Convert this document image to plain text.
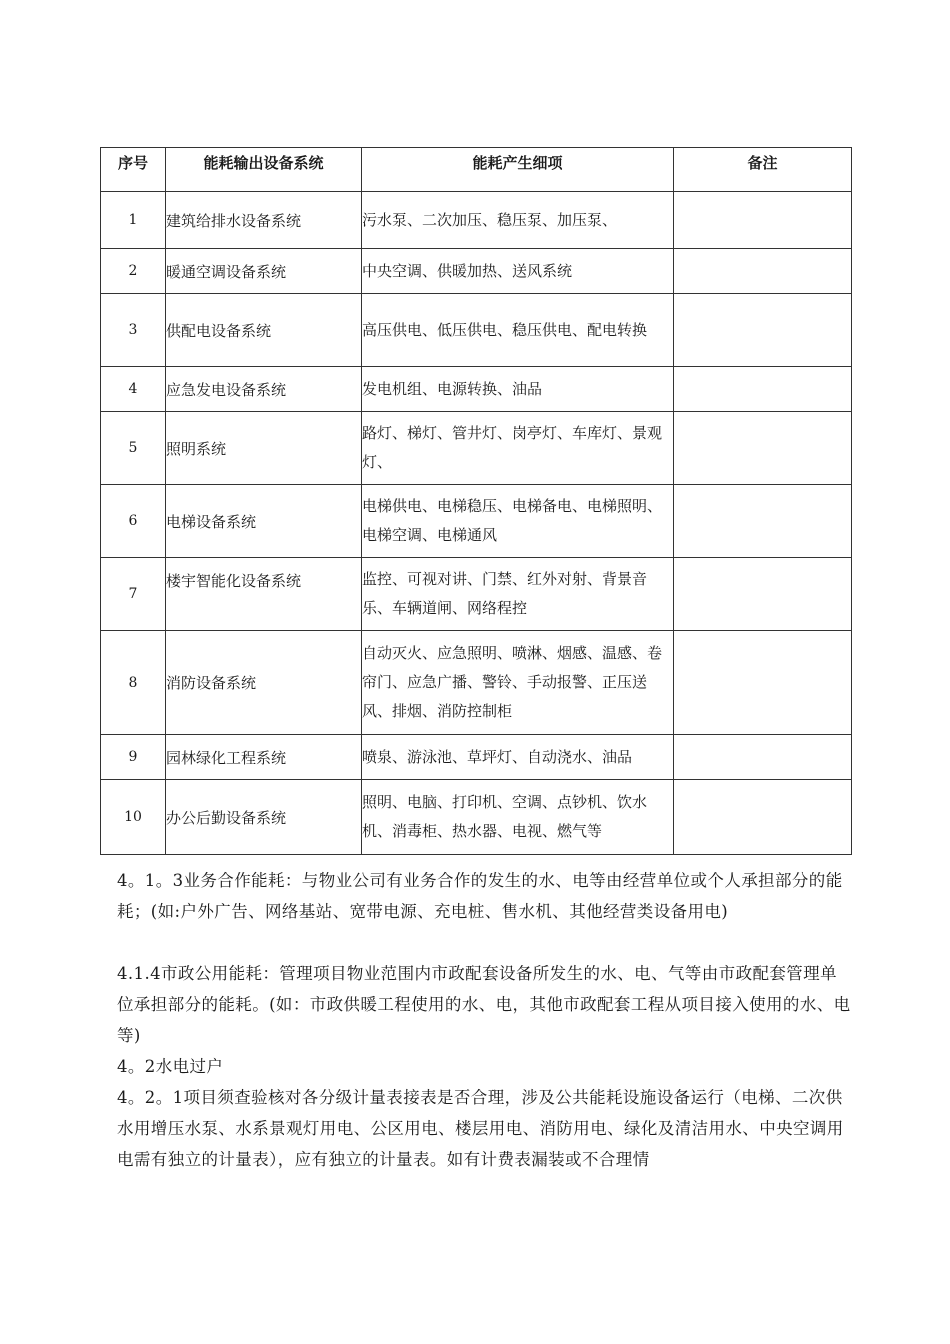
序号	能耗输出设备系统	能耗产生细项	备注
1	建筑给排水设备系统	污水泵、二次加压、稳压泵、加压泵、	
2	暖通空调设备系统	中央空调、供暖加热、送风系统	
3	供配电设备系统	高压供电、低压供电、稳压供电、配电转换	
4	应急发电设备系统	发电机组、电源转换、油品	
5	照明系统	路灯、梯灯、管井灯、岗亭灯、车库灯、景观灯、	
6	电梯设备系统	电梯供电、电梯稳压、电梯备电、电梯照明、电梯空调、电梯通风	
7	楼宇智能化设备系统	监控、可视对讲、门禁、红外对射、背景音乐、车辆道闸、网络程控	
8	消防设备系统	自动灭火、应急照明、喷淋、烟感、温感、卷帘门、应急广播、警铃、手动报警、正压送风、排烟、消防控制柜	
9	园林绿化工程系统	喷泉、游泳池、草坪灯、自动浇水、油品	
10	办公后勤设备系统	照明、电脑、打印机、空调、点钞机、饮水机、消毒柜、热水器、电视、燃气等	
4。1。3业务合作能耗：与物业公司有业务合作的发生的水、电等由经营单位或个人承担部分的能耗；(如:户外广告、网络基站、宽带电源、充电桩、售水机、其他经营类设备用电)
4.1.4市政公用能耗：管理项目物业范围内市政配套设备所发生的水、电、气等由市政配套管理单位承担部分的能耗。(如：市政供暖工程使用的水、电，其他市政配套工程从项目接入使用的水、电等)
4。2水电过户
4。2。1项目须查验核对各分级计量表接表是否合理，涉及公共能耗设施设备运行（电梯、二次供水用增压水泵、水系景观灯用电、公区用电、楼层用电、消防用电、绿化及清洁用水、中央空调用电需有独立的计量表），应有独立的计量表。如有计费表漏装或不合理情
